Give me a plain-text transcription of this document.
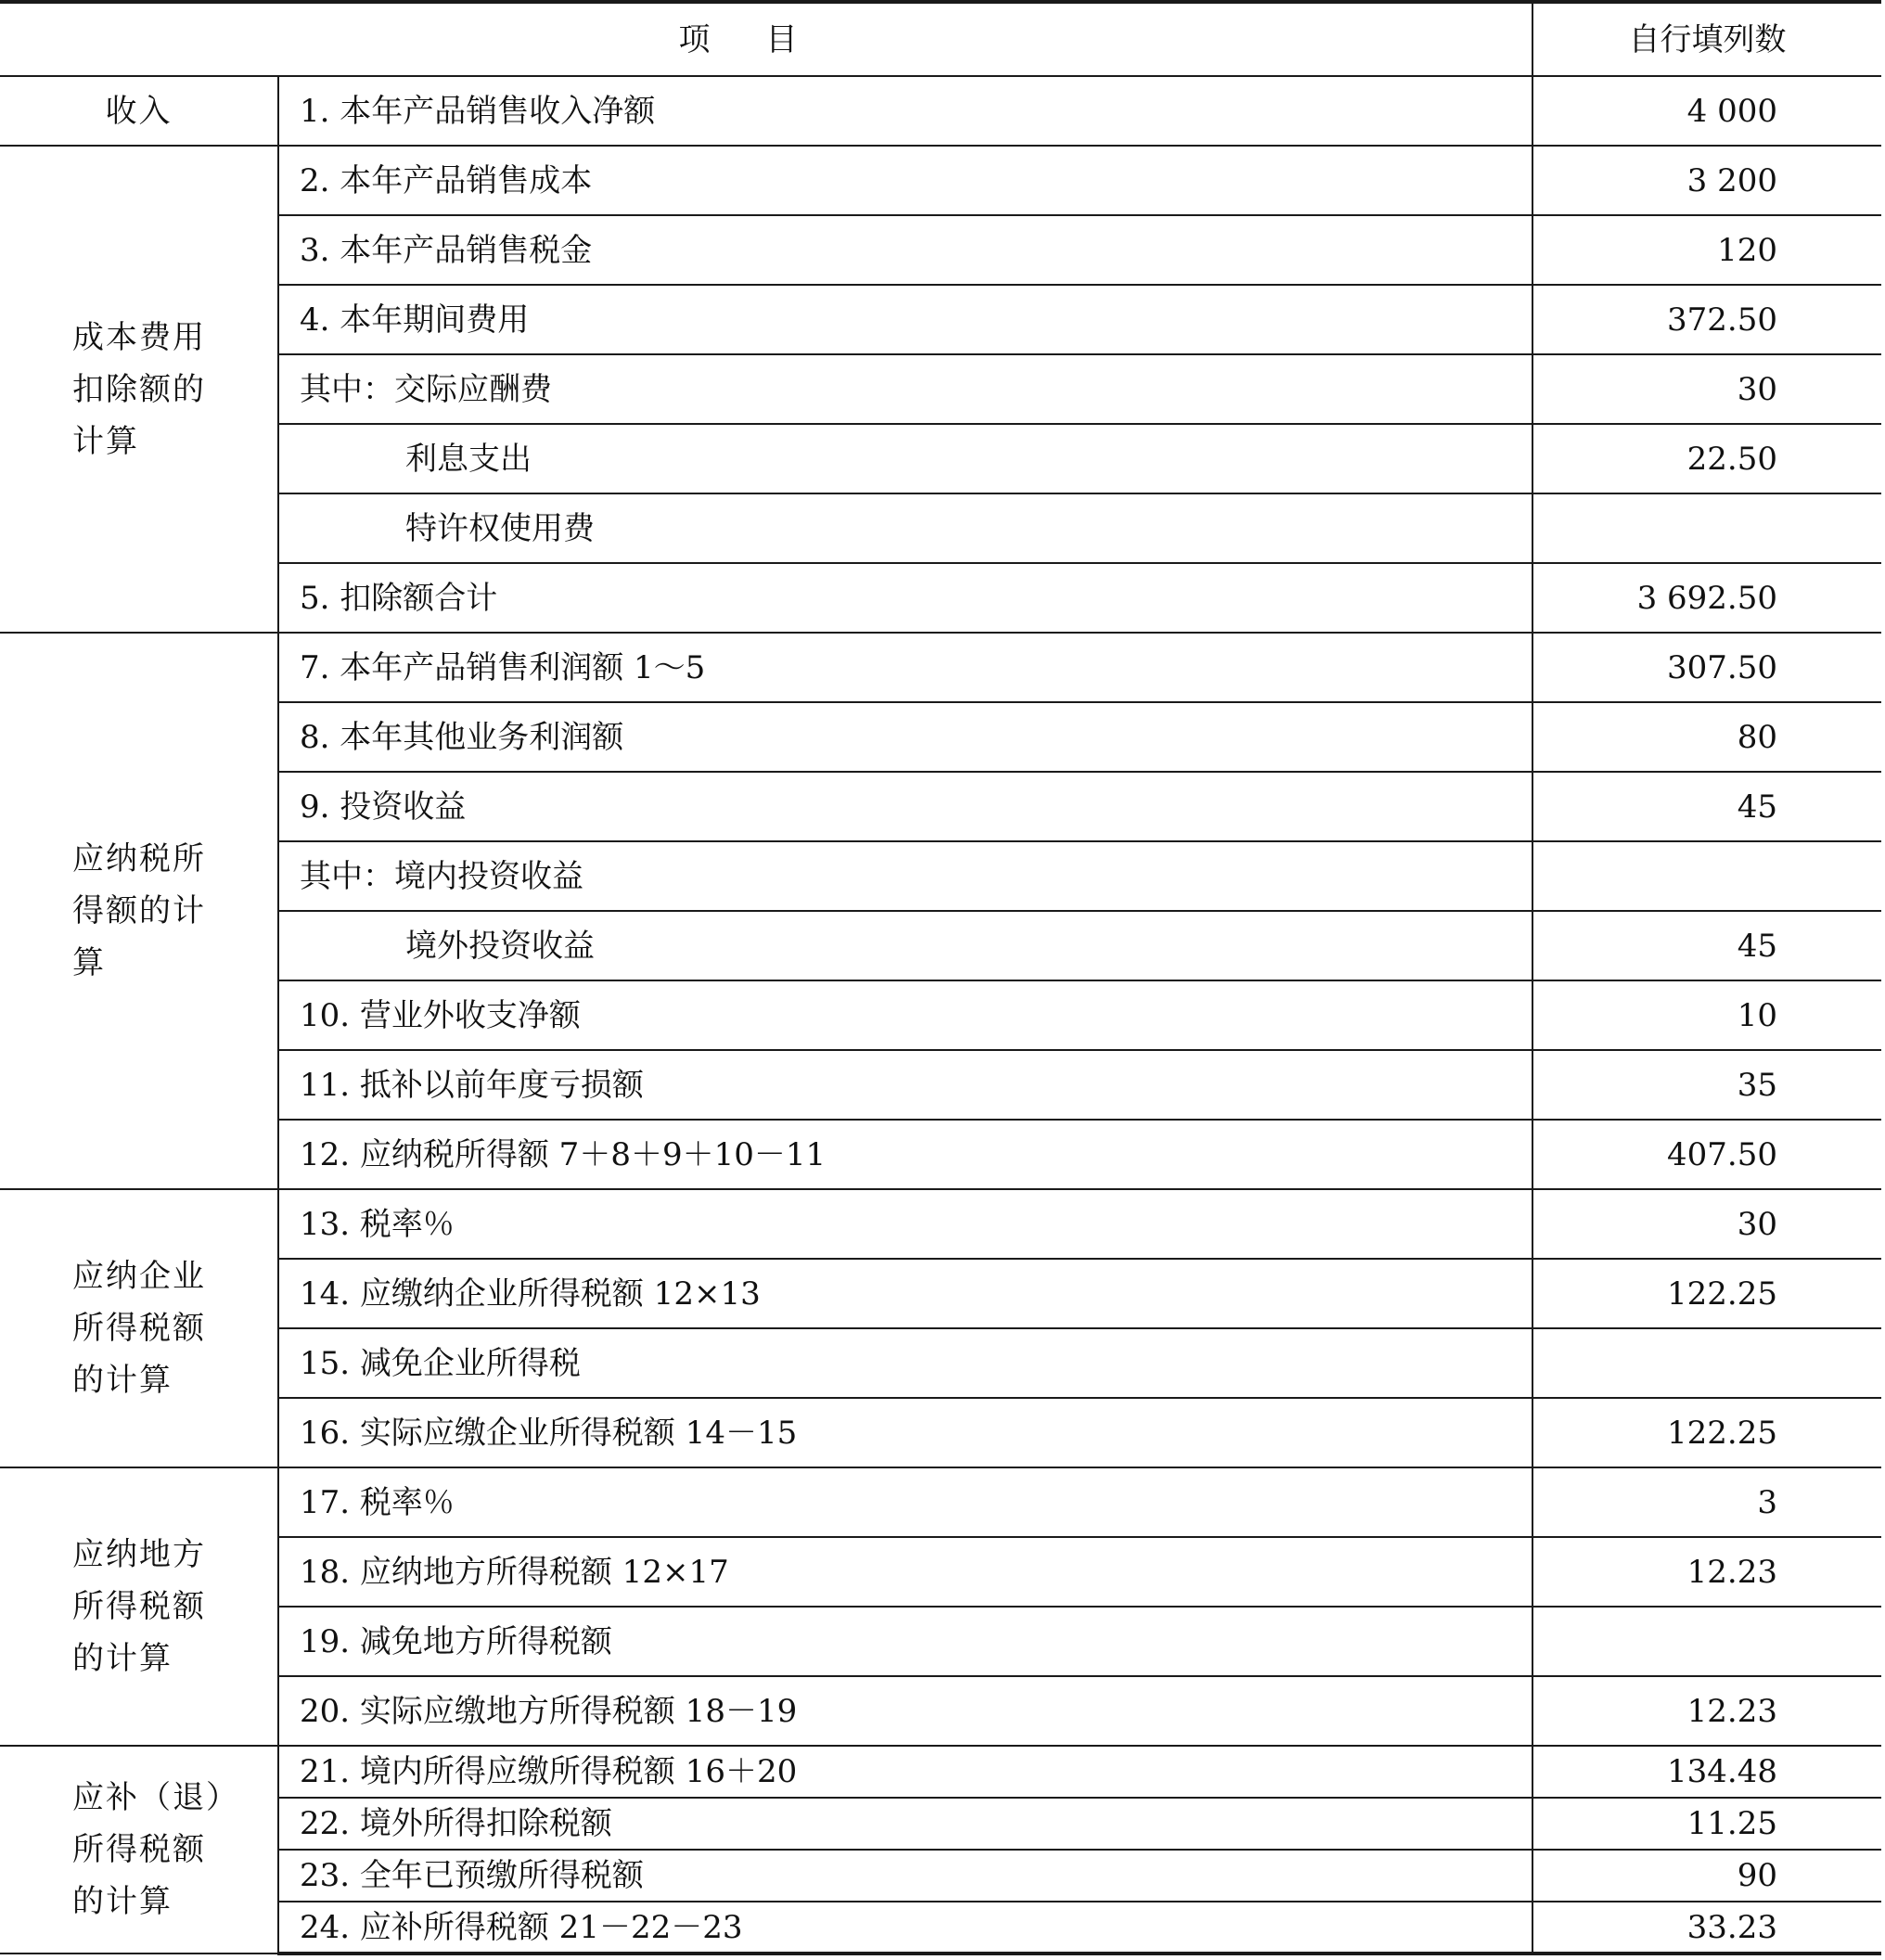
项目		自行填列数

收入	1. 本年产品销售收入净额	4 000

成本费用
扣除额的
计算	2. 本年产品销售成本	3 200
	3. 本年产品销售税金	120
	4. 本年期间费用	372.50
	其中：交际应酬费	30
	利息支出	22.50
	特许权使用费	
	5. 扣除额合计	3 692.50

应纳税所
得额的计
算	7. 本年产品销售利润额 1～5	307.50
	8. 本年其他业务利润额	80
	9. 投资收益	45
	其中：境内投资收益	
	境外投资收益	45
	10. 营业外收支净额	10
	11. 抵补以前年度亏损额	35
	12. 应纳税所得额 7＋8＋9＋10－11	407.50

应纳企业
所得税额
的计算	13. 税率％	30
	14. 应缴纳企业所得税额 12×13	122.25
	15. 减免企业所得税	
	16. 实际应缴企业所得税额 14－15	122.25

应纳地方
所得税额
的计算	17. 税率％	3
	18. 应纳地方所得税额 12×17	12.23
	19. 减免地方所得税额	
	20. 实际应缴地方所得税额 18－19	12.23

应补（退）
所得税额
的计算	21. 境内所得应缴所得税额 16＋20	134.48
	22. 境外所得扣除税额	11.25
	23. 全年已预缴所得税额	90
	24. 应补所得税额 21－22－23	33.23
